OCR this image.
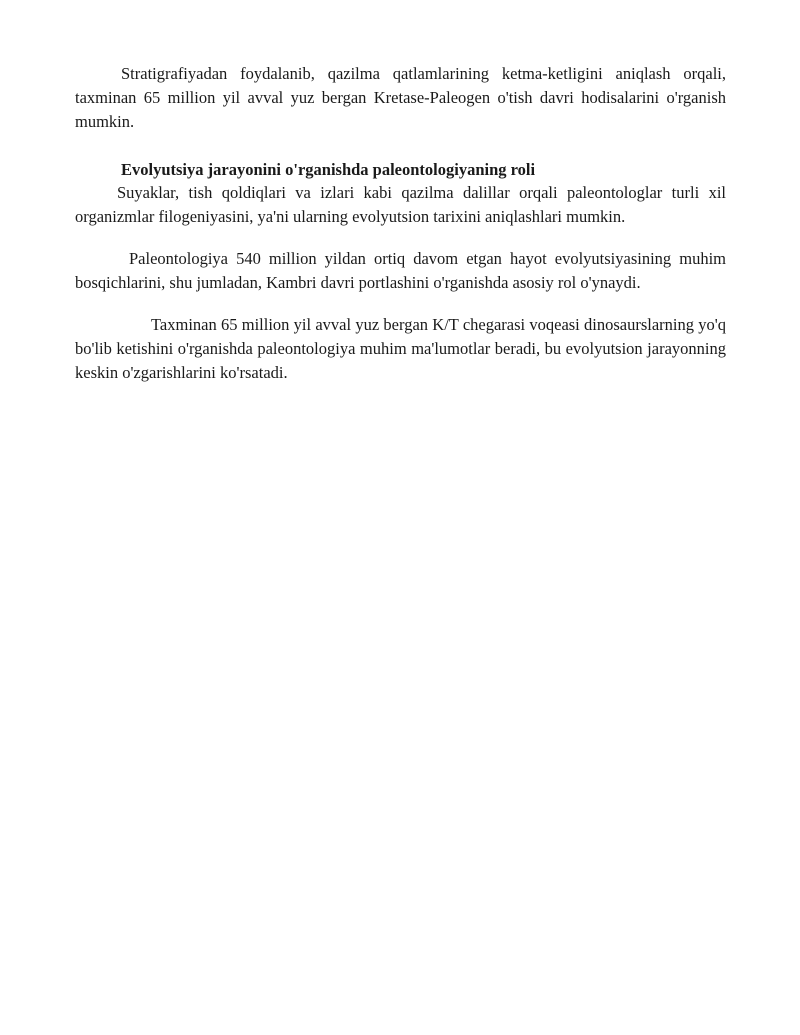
Stratigrafiyadan foydalanib, qazilma qatlamlarining ketma-ketligini aniqlash orqali, taxminan 65 million yil avval yuz bergan Kretase-Paleogen o'tish davri hodisalarini o'rganish mumkin.

Evolyutsiya jarayonini o'rganishda paleontologiyaning roli

Suyaklar, tish qoldiqlari va izlari kabi qazilma dalillar orqali paleontologlar turli xil organizmlar filogeniyasini, ya'ni ularning evolyutsion tarixini aniqlashlari mumkin.

Paleontologiya 540 million yildan ortiq davom etgan hayot evolyutsiyasining muhim bosqichlarini, shu jumladan, Kambri davri portlashini o'rganishda asosiy rol o'ynaydi.

Taxminan 65 million yil avval yuz bergan K/T chegarasi voqeasi dinosaurslarning yo'q bo'lib ketishini o'rganishda paleontologiya muhim ma'lumotlar beradi, bu evolyutsion jarayonning keskin o'zgarishlarini ko'rsatadi.
